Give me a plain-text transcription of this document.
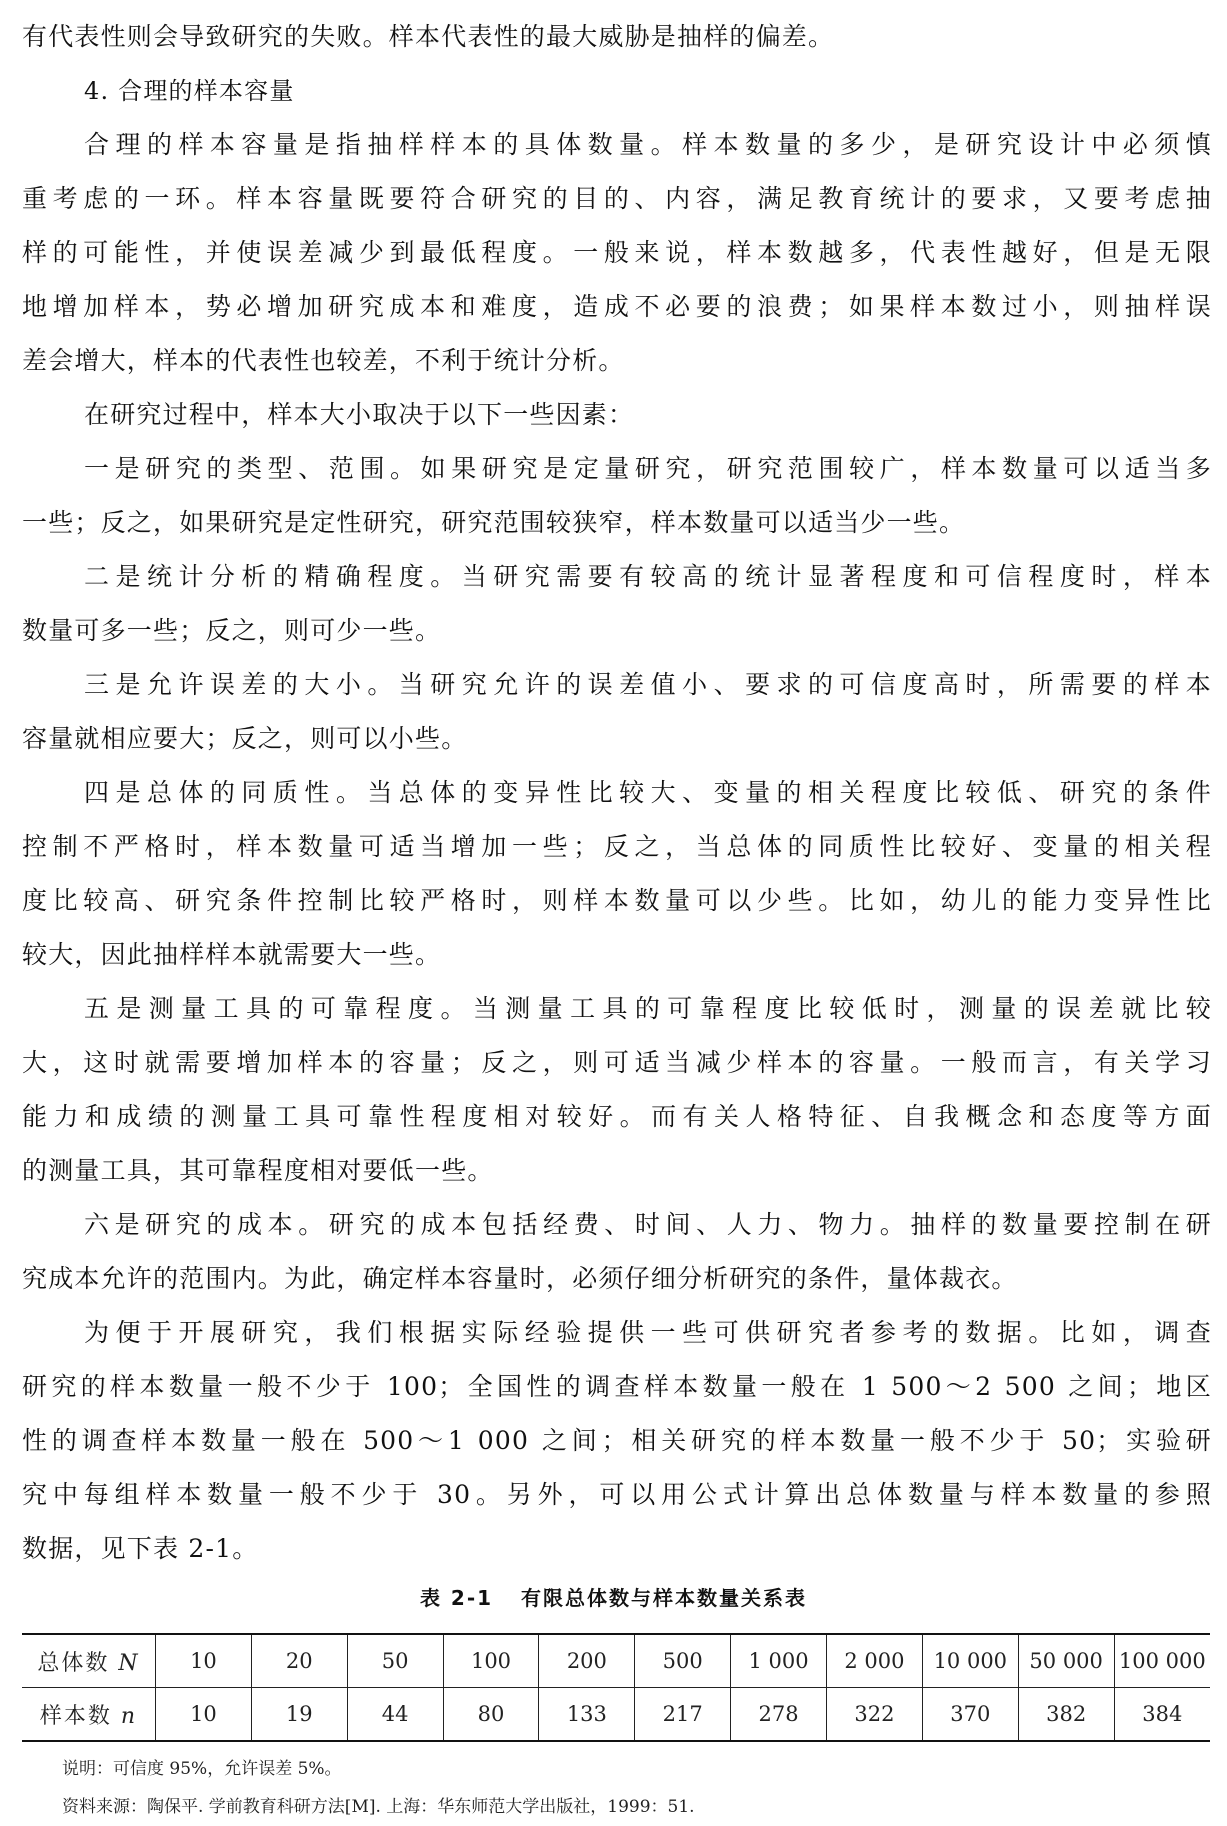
有代表性则会导致研究的失败。样本代表性的最大威胁是抽样的偏差。
4. 合理的样本容量
合理的样本容量是指抽样样本的具体数量。样本数量的多少，是研究设计中必须慎
重考虑的一环。样本容量既要符合研究的目的、内容，满足教育统计的要求，又要考虑抽
样的可能性，并使误差减少到最低程度。一般来说，样本数越多，代表性越好，但是无限
地增加样本，势必增加研究成本和难度，造成不必要的浪费；如果样本数过小，则抽样误
差会增大，样本的代表性也较差，不利于统计分析。
在研究过程中，样本大小取决于以下一些因素：
一是研究的类型、范围。如果研究是定量研究，研究范围较广，样本数量可以适当多
一些；反之，如果研究是定性研究，研究范围较狭窄，样本数量可以适当少一些。
二是统计分析的精确程度。当研究需要有较高的统计显著程度和可信程度时，样本
数量可多一些；反之，则可少一些。
三是允许误差的大小。当研究允许的误差值小、要求的可信度高时，所需要的样本
容量就相应要大；反之，则可以小些。
四是总体的同质性。当总体的变异性比较大、变量的相关程度比较低、研究的条件
控制不严格时，样本数量可适当增加一些；反之，当总体的同质性比较好、变量的相关程
度比较高、研究条件控制比较严格时，则样本数量可以少些。比如，幼儿的能力变异性比
较大，因此抽样样本就需要大一些。
五是测量工具的可靠程度。当测量工具的可靠程度比较低时，测量的误差就比较
大，这时就需要增加样本的容量；反之，则可适当减少样本的容量。一般而言，有关学习
能力和成绩的测量工具可靠性程度相对较好。而有关人格特征、自我概念和态度等方面
的测量工具，其可靠程度相对要低一些。
六是研究的成本。研究的成本包括经费、时间、人力、物力。抽样的数量要控制在研
究成本允许的范围内。为此，确定样本容量时，必须仔细分析研究的条件，量体裁衣。
为便于开展研究，我们根据实际经验提供一些可供研究者参考的数据。比如，调查
研究的样本数量一般不少于 100；全国性的调查样本数量一般在 1 500～2 500 之间；地区
性的调查样本数量一般在 500～1 000 之间；相关研究的样本数量一般不少于 50；实验研
究中每组样本数量一般不少于 30。另外，可以用公式计算出总体数量与样本数量的参照
数据，见下表 2-1。
表 2-1 有限总体数与样本数量关系表
总体数 N	10	20	50	100	200	500	1 000	2 000	10 000	50 000	100 000
样本数 n	10	19	44	80	133	217	278	322	370	382	384
说明：可信度 95%，允许误差 5%。
资料来源：陶保平. 学前教育科研方法[M]. 上海：华东师范大学出版社，1999：51.
